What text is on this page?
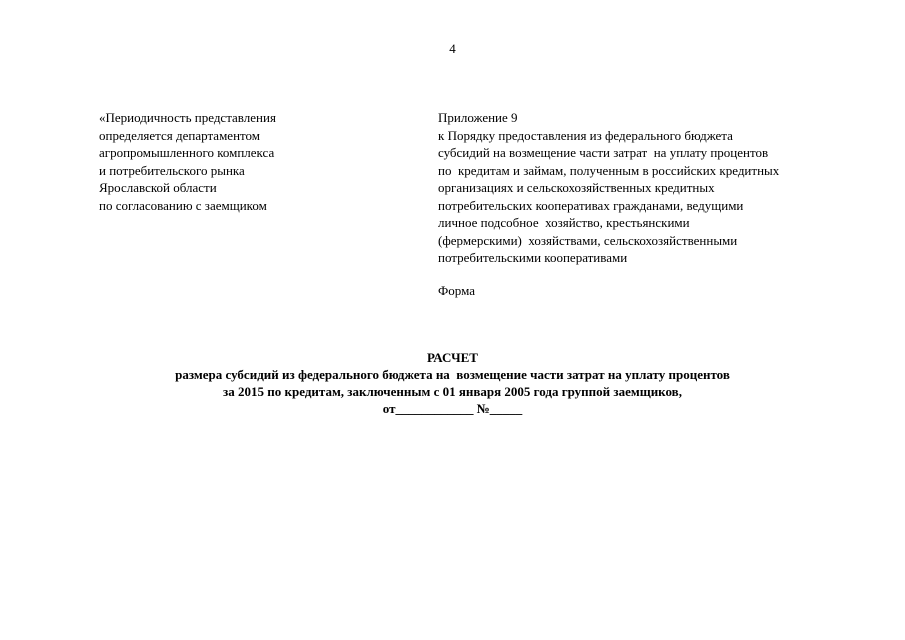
4
«Периодичность представления
определяется департаментом
агропромышленного комплекса
и потребительского рынка
Ярославской области
по согласованию с заемщиком
Приложение 9
к Порядку предоставления из федерального бюджета
субсидий на возмещение части затрат  на уплату процентов
по  кредитам и займам, полученным в российских кредитных
организациях и сельскохозяйственных кредитных
потребительских кооперативах гражданами, ведущими
личное подсобное  хозяйство, крестьянскими
(фермерскими)  хозяйствами, сельскохозяйственными
потребительскими кооперативами
Форма
РАСЧЕТ
размера субсидий из федерального бюджета на  возмещение части затрат на уплату процентов
за 2015 по кредитам, заключенным с 01 января 2005 года группой заемщиков,
от____________ №_____
